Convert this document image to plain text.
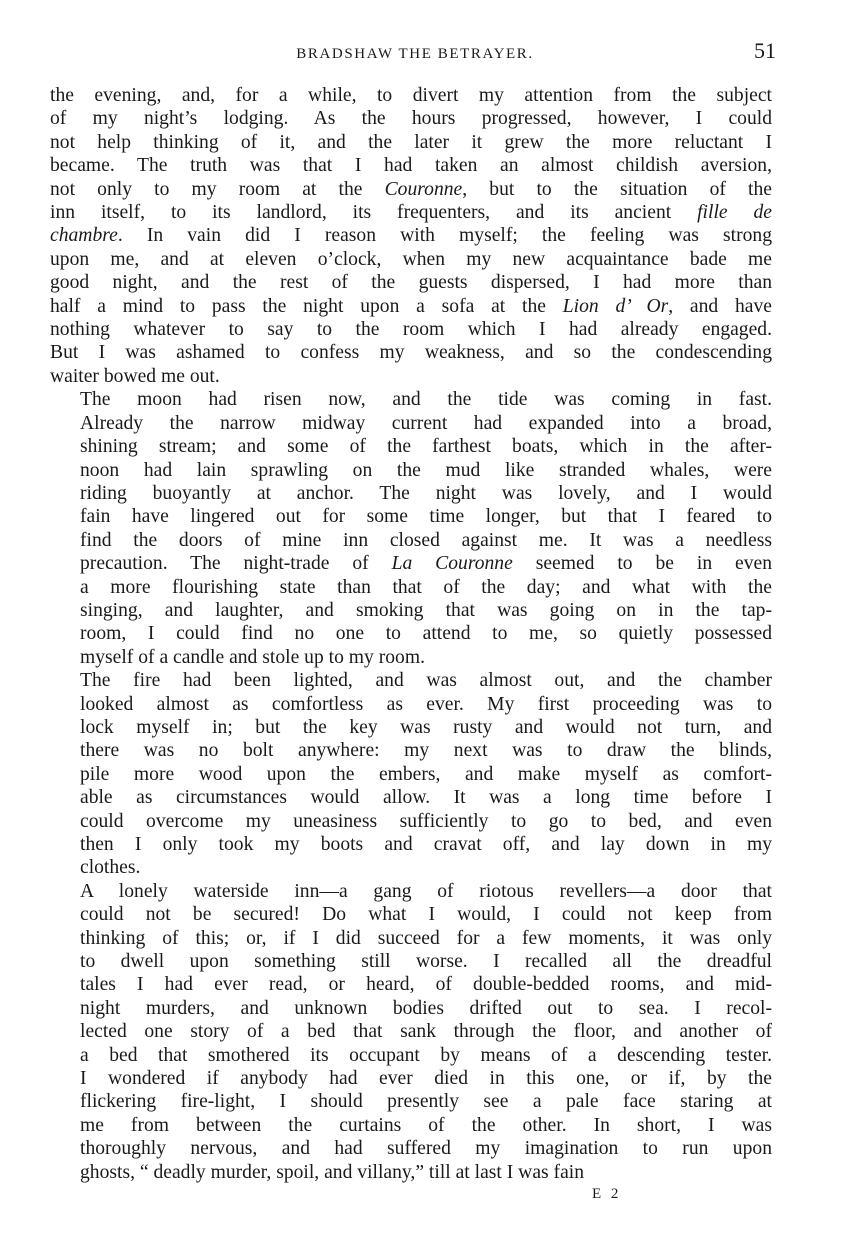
BRADSHAW THE BETRAYER.	51

the evening, and, for a while, to divert my attention from the subject
of my night’s lodging. As the hours progressed, however, I could
not help thinking of it, and the later it grew the more reluctant I
became. The truth was that I had taken an almost childish aversion,
not only to my room at the Couronne, but to the situation of the
inn itself, to its landlord, its frequenters, and its ancient fille de
chambre. In vain did I reason with myself; the feeling was strong
upon me, and at eleven o’clock, when my new acquaintance bade me
good night, and the rest of the guests dispersed, I had more than
half a mind to pass the night upon a sofa at the Lion d’ Or, and have
nothing whatever to say to the room which I had already engaged.
But I was ashamed to confess my weakness, and so the condescending
waiter bowed me out.

The moon had risen now, and the tide was coming in fast.
Already the narrow midway current had expanded into a broad,
shining stream; and some of the farthest boats, which in the after-
noon had lain sprawling on the mud like stranded whales, were
riding buoyantly at anchor. The night was lovely, and I would
fain have lingered out for some time longer, but that I feared to
find the doors of mine inn closed against me. It was a needless
precaution. The night-trade of La Couronne seemed to be in even
a more flourishing state than that of the day; and what with the
singing, and laughter, and smoking that was going on in the tap-
room, I could find no one to attend to me, so quietly possessed
myself of a candle and stole up to my room.

The fire had been lighted, and was almost out, and the chamber
looked almost as comfortless as ever. My first proceeding was to
lock myself in; but the key was rusty and would not turn, and
there was no bolt anywhere: my next was to draw the blinds,
pile more wood upon the embers, and make myself as comfort-
able as circumstances would allow. It was a long time before I
could overcome my uneasiness sufficiently to go to bed, and even
then I only took my boots and cravat off, and lay down in my
clothes.

A lonely waterside inn—a gang of riotous revellers—a door that
could not be secured! Do what I would, I could not keep from
thinking of this; or, if I did succeed for a few moments, it was only
to dwell upon something still worse. I recalled all the dreadful
tales I had ever read, or heard, of double-bedded rooms, and mid-
night murders, and unknown bodies drifted out to sea. I recol-
lected one story of a bed that sank through the floor, and another of
a bed that smothered its occupant by means of a descending tester.
I wondered if anybody had ever died in this one, or if, by the
flickering fire-light, I should presently see a pale face staring at
me from between the curtains of the other. In short, I was
thoroughly nervous, and had suffered my imagination to run upon
ghosts, “ deadly murder, spoil, and villany,” till at last I was fain

E 2
